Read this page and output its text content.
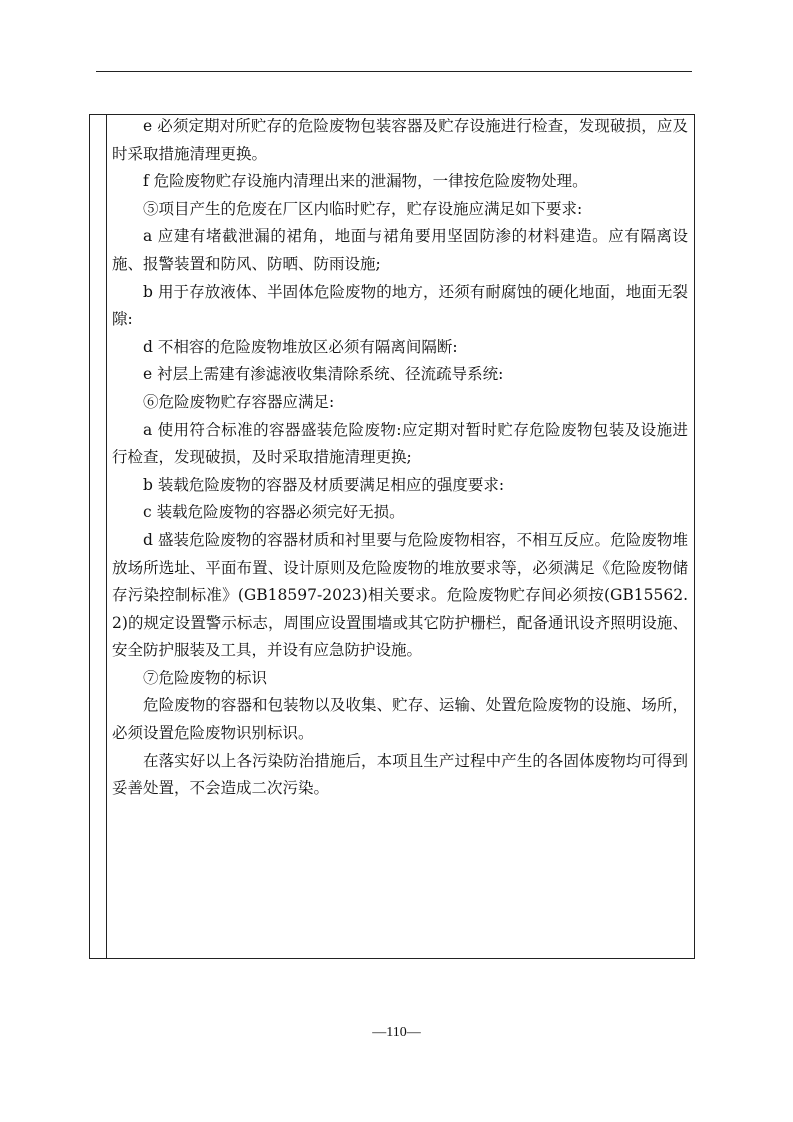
e 必须定期对所贮存的危险废物包装容器及贮存设施进行检查，发现破损，应及时采取措施清理更换。

f 危险废物贮存设施内清理出来的泄漏物，一律按危险废物处理。

⑤项目产生的危废在厂区内临时贮存，贮存设施应满足如下要求:

a 应建有堵截泄漏的裙角，地面与裙角要用坚固防渗的材料建造。应有隔离设施、报警装置和防风、防晒、防雨设施;

b 用于存放液体、半固体危险废物的地方，还须有耐腐蚀的硬化地面，地面无裂隙:

d 不相容的危险废物堆放区必须有隔离间隔断:

e 衬层上需建有渗滤液收集清除系统、径流疏导系统:

⑥危险废物贮存容器应满足:

a 使用符合标准的容器盛装危险废物:应定期对暂时贮存危险废物包装及设施进行检查，发现破损，及时采取措施清理更换;

b 装载危险废物的容器及材质要满足相应的强度要求:

c 装载危险废物的容器必须完好无损。

d 盛装危险废物的容器材质和衬里要与危险废物相容，不相互反应。危险废物堆放场所选址、平面布置、设计原则及危险废物的堆放要求等，必须满足《危险废物储存污染控制标准》(GB18597-2023)相关要求。危险废物贮存间必须按(GB15562.2)的规定设置警示标志，周围应设置围墙或其它防护栅栏，配备通讯设齐照明设施、安全防护服装及工具，并设有应急防护设施。

⑦危险废物的标识

危险废物的容器和包装物以及收集、贮存、运输、处置危险废物的设施、场所，必须设置危险废物识别标识。

在落实好以上各污染防治措施后，本项且生产过程中产生的各固体废物均可得到妥善处置，不会造成二次污染。

—110—
